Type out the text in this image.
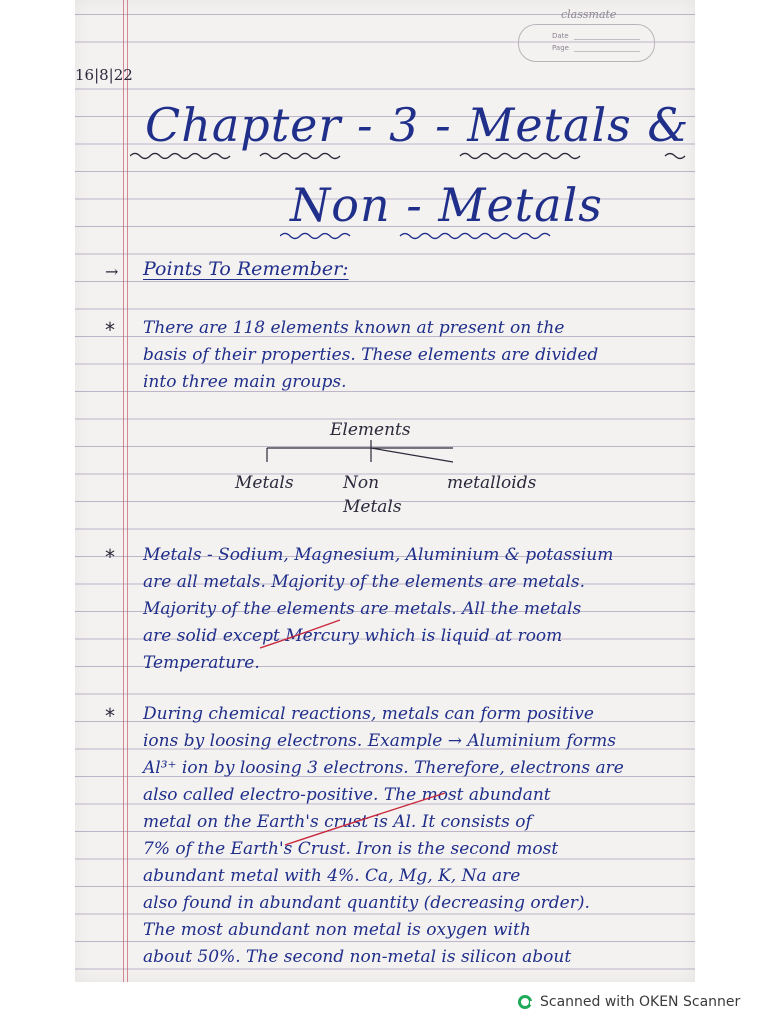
classmate
Date
Page
16|8|22
Chapter - 3 - Metals &
Non - Metals
→ Points To Remember:
* There are 118 elements known at present on the
basis of their properties. These elements are divided
into three main groups.
Elements
Metals	Non
Metals
metalloids
* Metals - Sodium, Magnesium, Aluminium & potassium
are all metals. Majority of the elements are metals.
Majority of the elements are metals. All the metals
are solid except Mercury which is liquid at room
Temperature.
* During chemical reactions, metals can form positive
ions by loosing electrons. Example → Aluminium forms
Al³⁺ ion by loosing 3 electrons. Therefore, electrons are
also called electro-positive. The most abundant
metal on the Earth's crust is Al. It consists of
7% of the Earth's Crust. Iron is the second most
abundant metal with 4%. Ca, Mg, K, Na are
also found in abundant quantity (decreasing order).
The most abundant non metal is oxygen with
about 50%. The second non-metal is silicon about
Scanned with OKEN Scanner
